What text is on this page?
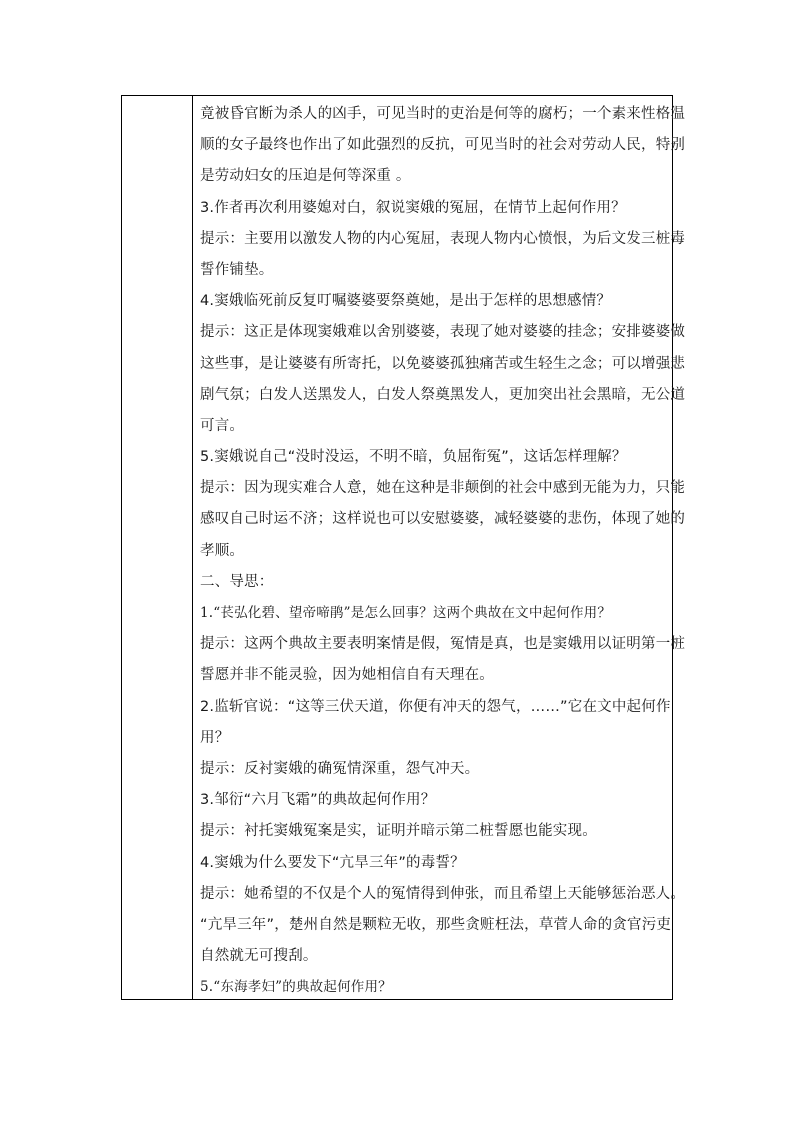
竟被昏官断为杀人的凶手，可见当时的吏治是何等的腐朽；一个素来性格温
顺的女子最终也作出了如此强烈的反抗，可见当时的社会对劳动人民，特别
是劳动妇女的压迫是何等深重 。
3.作者再次利用婆媳对白，叙说窦娥的冤屈，在情节上起何作用？
提示：主要用以激发人物的内心冤屈，表现人物内心愤恨，为后文发三桩毒
誓作铺垫。
4.窦娥临死前反复叮嘱婆婆要祭奠她，是出于怎样的思想感情？
提示：这正是体现窦娥难以舍别婆婆，表现了她对婆婆的挂念；安排婆婆做
这些事，是让婆婆有所寄托，以免婆婆孤独痛苦或生轻生之念；可以增强悲
剧气氛；白发人送黑发人，白发人祭奠黑发人，更加突出社会黑暗，无公道
可言。
5.窦娥说自己“没时没运，不明不暗，负屈衔冤”，这话怎样理解？
提示：因为现实难合人意，她在这种是非颠倒的社会中感到无能为力，只能
感叹自己时运不济；这样说也可以安慰婆婆，减轻婆婆的悲伤，体现了她的
孝顺。
二、导思：
1.“苌弘化碧、望帝啼鹃”是怎么回事？这两个典故在文中起何作用？
提示：这两个典故主要表明案情是假，冤情是真，也是窦娥用以证明第一桩
誓愿并非不能灵验，因为她相信自有天理在。
2.监斩官说：“这等三伏天道，你便有冲天的怨气，……”它在文中起何作
用？
提示：反衬窦娥的确冤情深重，怨气冲天。
3.邹衍“六月飞霜”的典故起何作用？
提示：衬托窦娥冤案是实，证明并暗示第二桩誓愿也能实现。
4.窦娥为什么要发下“亢旱三年”的毒誓？
提示：她希望的不仅是个人的冤情得到伸张，而且希望上天能够惩治恶人。
“亢旱三年”，楚州自然是颗粒无收，那些贪赃枉法，草菅人命的贪官污吏
自然就无可搜刮。
5.“东海孝妇”的典故起何作用？
